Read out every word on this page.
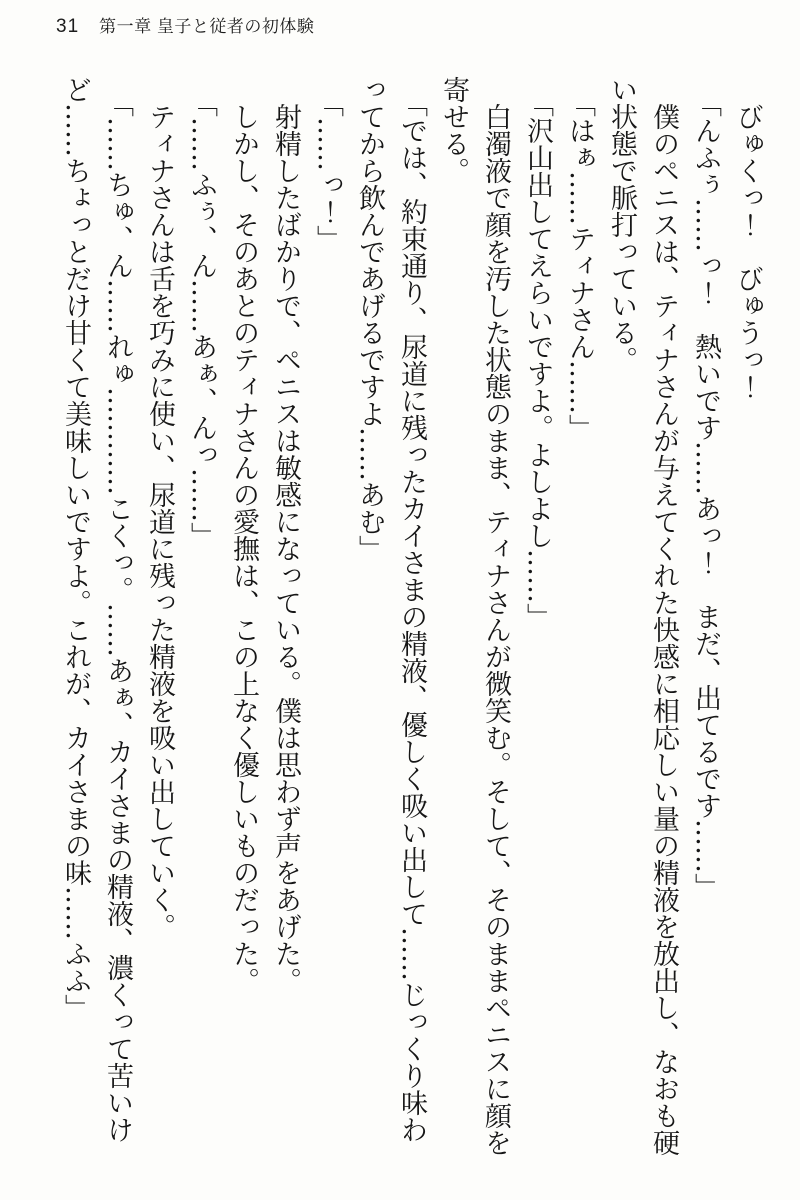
31 第一章 皇子と従者の初体験

びゅくっ！　びゅうっ！

「んふぅ……っ！　熱いです……あっ！　まだ、出てるです……」

僕のペニスは、ティナさんが与えてくれた快感に相応しい量の精液を放出し、なおも硬い状態で脈打っている。

「はぁ……ティナさん……」

「沢山出してえらいですよ。よしよし……」

白濁液で顔を汚した状態のまま、ティナさんが微笑む。そして、そのままペニスに顔を寄せる。

「では、約束通り、尿道に残ったカイさまの精液、優しく吸い出して……じっくり味わってから飲んであげるですよ……あむ」

「……っ！」

射精したばかりで、ペニスは敏感になっている。僕は思わず声をあげた。

しかし、そのあとのティナさんの愛撫は、この上なく優しいものだった。

「……ふぅ、ん……あぁ、んっ……」

ティナさんは舌を巧みに使い、尿道に残った精液を吸い出していく。

「……ちゅ、ん……れゅ…………こくっ。……あぁ、カイさまの精液、濃くって苦いけど……ちょっとだけ甘くて美味しいですよ。これが、カイさまの味……ふふ」
